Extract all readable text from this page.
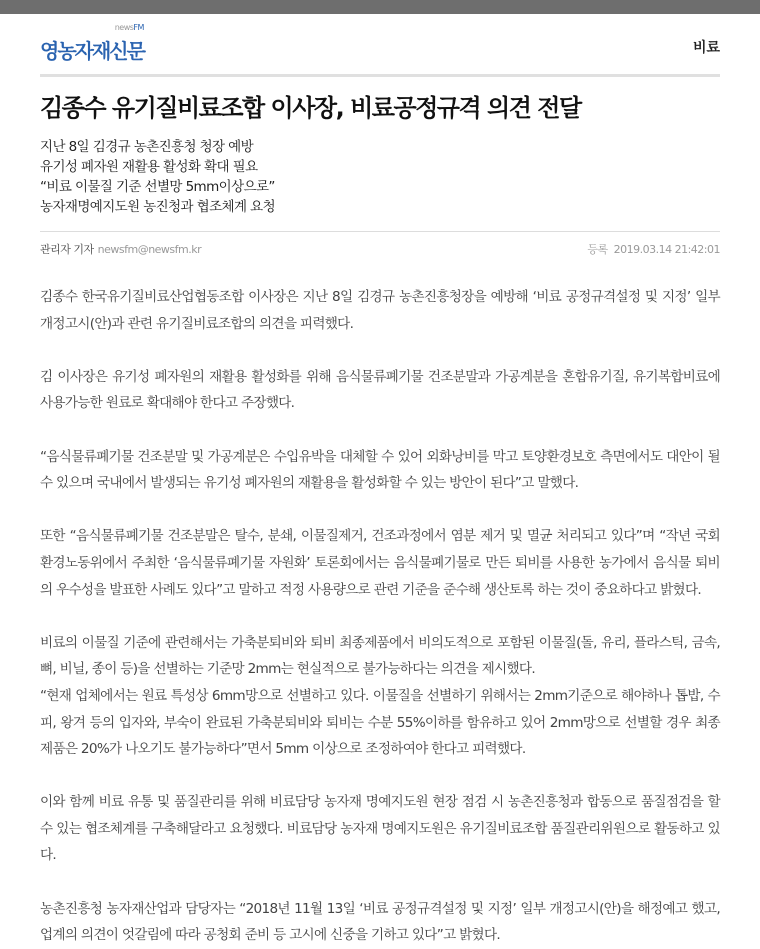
newsFM
영농자재신문	비료
김종수 유기질비료조합 이사장, 비료공정규격 의견 전달
지난 8일 김경규 농촌진흥청 청장 예방
유기성 폐자원 재활용 활성화 확대 필요
“비료 이물질 기준 선별망 5mm이상으로”
농자재명예지도원 농진청과 협조체계 요청
관리자 기자 newsfm@newsfm.kr	등록 2019.03.14 21:42:01

김종수 한국유기질비료산업협동조합 이사장은 지난 8일 김경규 농촌진흥청장을 예방해 ‘비료 공정규격설정 및 지정’ 일부 개정고시(안)과 관련 유기질비료조합의 의견을 피력했다.

김 이사장은 유기성 폐자원의 재활용 활성화를 위해 음식물류폐기물 건조분말과 가공계분을 혼합유기질, 유기복합비료에 사용가능한 원료로 확대해야 한다고 주장했다.

“음식물류폐기물 건조분말 및 가공계분은 수입유박을 대체할 수 있어 외화낭비를 막고 토양환경보호 측면에서도 대안이 될 수 있으며 국내에서 발생되는 유기성 폐자원의 재활용을 활성화할 수 있는 방안이 된다”고 말했다.

또한 “음식물류폐기물 건조분말은 탈수, 분쇄, 이물질제거, 건조과정에서 염분 제거 및 멸균 처리되고 있다”며 “작년 국회 환경노동위에서 주최한 ‘음식물류폐기물 자원화’ 토론회에서는 음식물폐기물로 만든 퇴비를 사용한 농가에서 음식물 퇴비의 우수성을 발표한 사례도 있다”고 말하고 적정 사용량으로 관련 기준을 준수해 생산토록 하는 것이 중요하다고 밝혔다.

비료의 이물질 기준에 관련해서는 가축분퇴비와 퇴비 최종제품에서 비의도적으로 포함된 이물질(돌, 유리, 플라스틱, 금속, 뼈, 비닐, 종이 등)을 선별하는 기준망 2mm는 현실적으로 불가능하다는 의견을 제시했다.

“현재 업체에서는 원료 특성상 6mm망으로 선별하고 있다. 이물질을 선별하기 위해서는 2mm기준으로 해야하나 톱밥, 수피, 왕겨 등의 입자와, 부숙이 완료된 가축분퇴비와 퇴비는 수분 55%이하를 함유하고 있어 2mm망으로 선별할 경우 최종제품은 20%가 나오기도 불가능하다”면서 5mm 이상으로 조정하여야 한다고 피력했다.

이와 함께 비료 유통 및 품질관리를 위해 비료담당 농자재 명예지도원 현장 점검 시 농촌진흥청과 합동으로 품질점검을 할 수 있는 협조체계를 구축해달라고 요청했다. 비료담당 농자재 명예지도원은 유기질비료조합 품질관리위원으로 활동하고 있다.

농촌진흥청 농자재산업과 담당자는 “2018년 11월 13일 ‘비료 공정규격설정 및 지정’ 일부 개정고시(안)을 해정예고 했고, 업계의 의견이 엇갈림에 따라 공청회 준비 등 고시에 신중을 기하고 있다”고 밝혔다.
